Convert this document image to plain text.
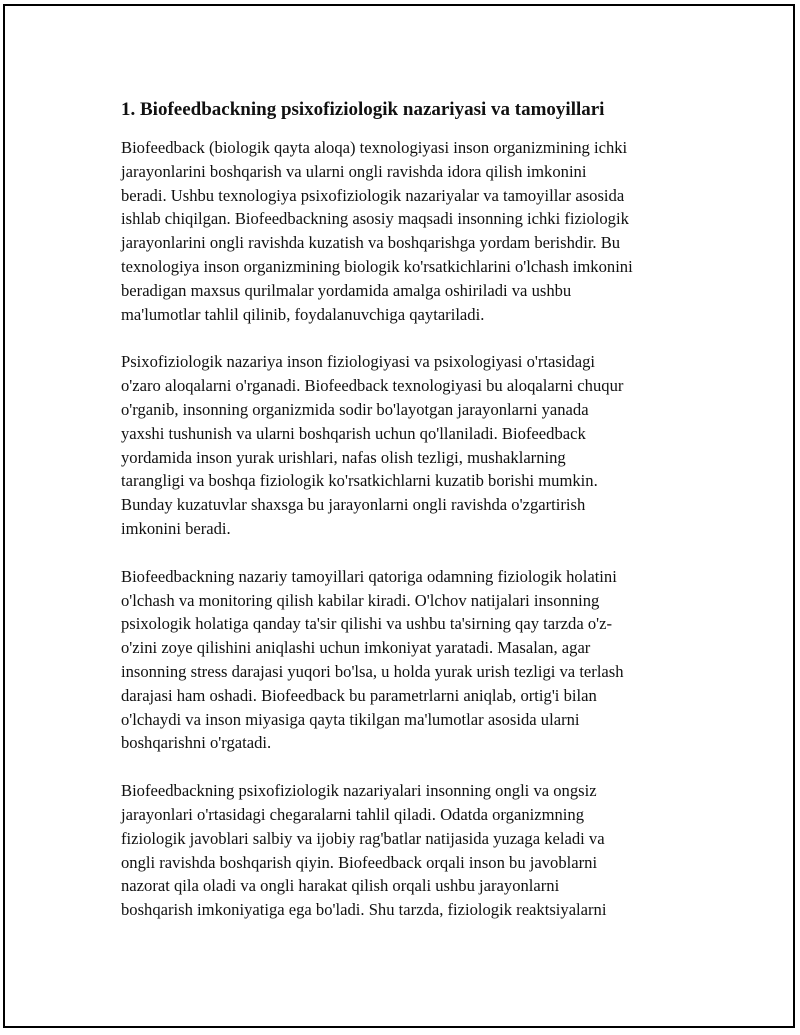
1. Biofeedbackning psixofiziologik nazariyasi va tamoyillari

Biofeedback (biologik qayta aloqa) texnologiyasi inson organizmining ichki
jarayonlarini boshqarish va ularni ongli ravishda idora qilish imkonini
beradi. Ushbu texnologiya psixofiziologik nazariyalar va tamoyillar asosida
ishlab chiqilgan. Biofeedbackning asosiy maqsadi insonning ichki fiziologik
jarayonlarini ongli ravishda kuzatish va boshqarishga yordam berishdir. Bu
texnologiya inson organizmining biologik ko'rsatkichlarini o'lchash imkonini
beradigan maxsus qurilmalar yordamida amalga oshiriladi va ushbu
ma'lumotlar tahlil qilinib, foydalanuvchiga qaytariladi.

Psixofiziologik nazariya inson fiziologiyasi va psixologiyasi o'rtasidagi
o'zaro aloqalarni o'rganadi. Biofeedback texnologiyasi bu aloqalarni chuqur
o'rganib, insonning organizmida sodir bo'layotgan jarayonlarni yanada
yaxshi tushunish va ularni boshqarish uchun qo'llaniladi. Biofeedback
yordamida inson yurak urishlari, nafas olish tezligi, mushaklarning
tarangligi va boshqa fiziologik ko'rsatkichlarni kuzatib borishi mumkin.
Bunday kuzatuvlar shaxsga bu jarayonlarni ongli ravishda o'zgartirish
imkonini beradi.

Biofeedbackning nazariy tamoyillari qatoriga odamning fiziologik holatini
o'lchash va monitoring qilish kabilar kiradi. O'lchov natijalari insonning
psixologik holatiga qanday ta'sir qilishi va ushbu ta'sirning qay tarzda o'z-
o'zini zoye qilishini aniqlashi uchun imkoniyat yaratadi. Masalan, agar
insonning stress darajasi yuqori bo'lsa, u holda yurak urish tezligi va terlash
darajasi ham oshadi. Biofeedback bu parametrlarni aniqlab, ortig'i bilan
o'lchaydi va inson miyasiga qayta tikilgan ma'lumotlar asosida ularni
boshqarishni o'rgatadi.

Biofeedbackning psixofiziologik nazariyalari insonning ongli va ongsiz
jarayonlari o'rtasidagi chegaralarni tahlil qiladi. Odatda organizmning
fiziologik javoblari salbiy va ijobiy rag'batlar natijasida yuzaga keladi va
ongli ravishda boshqarish qiyin. Biofeedback orqali inson bu javoblarni
nazorat qila oladi va ongli harakat qilish orqali ushbu jarayonlarni
boshqarish imkoniyatiga ega bo'ladi. Shu tarzda, fiziologik reaktsiyalarni
